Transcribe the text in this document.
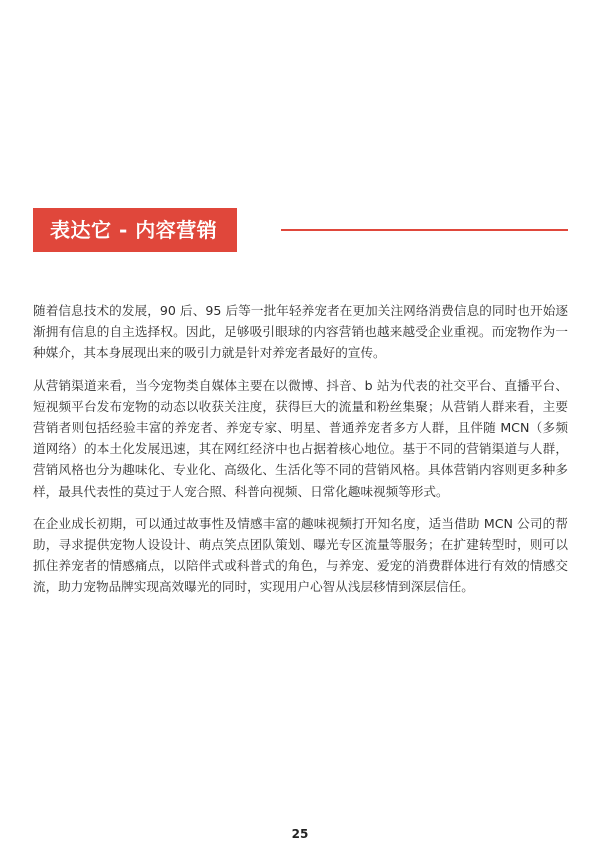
表达它 - 内容营销

随着信息技术的发展，90 后、95 后等一批年轻养宠者在更加关注网络消费信息的同时也开始逐渐拥有信息的自主选择权。因此，足够吸引眼球的内容营销也越来越受企业重视。而宠物作为一种媒介，其本身展现出来的吸引力就是针对养宠者最好的宣传。

从营销渠道来看，当今宠物类自媒体主要在以微博、抖音、b 站为代表的社交平台、直播平台、短视频平台发布宠物的动态以收获关注度，获得巨大的流量和粉丝集聚；从营销人群来看，主要营销者则包括经验丰富的养宠者、养宠专家、明星、普通养宠者多方人群，且伴随 MCN（多频道网络）的本土化发展迅速，其在网红经济中也占据着核心地位。基于不同的营销渠道与人群，营销风格也分为趣味化、专业化、高级化、生活化等不同的营销风格。具体营销内容则更多种多样，最具代表性的莫过于人宠合照、科普向视频、日常化趣味视频等形式。

在企业成长初期，可以通过故事性及情感丰富的趣味视频打开知名度，适当借助 MCN 公司的帮助，寻求提供宠物人设设计、萌点笑点团队策划、曝光专区流量等服务；在扩建转型时，则可以抓住养宠者的情感痛点，以陪伴式或科普式的角色，与养宠、爱宠的消费群体进行有效的情感交流，助力宠物品牌实现高效曝光的同时，实现用户心智从浅层移情到深层信任。

25
